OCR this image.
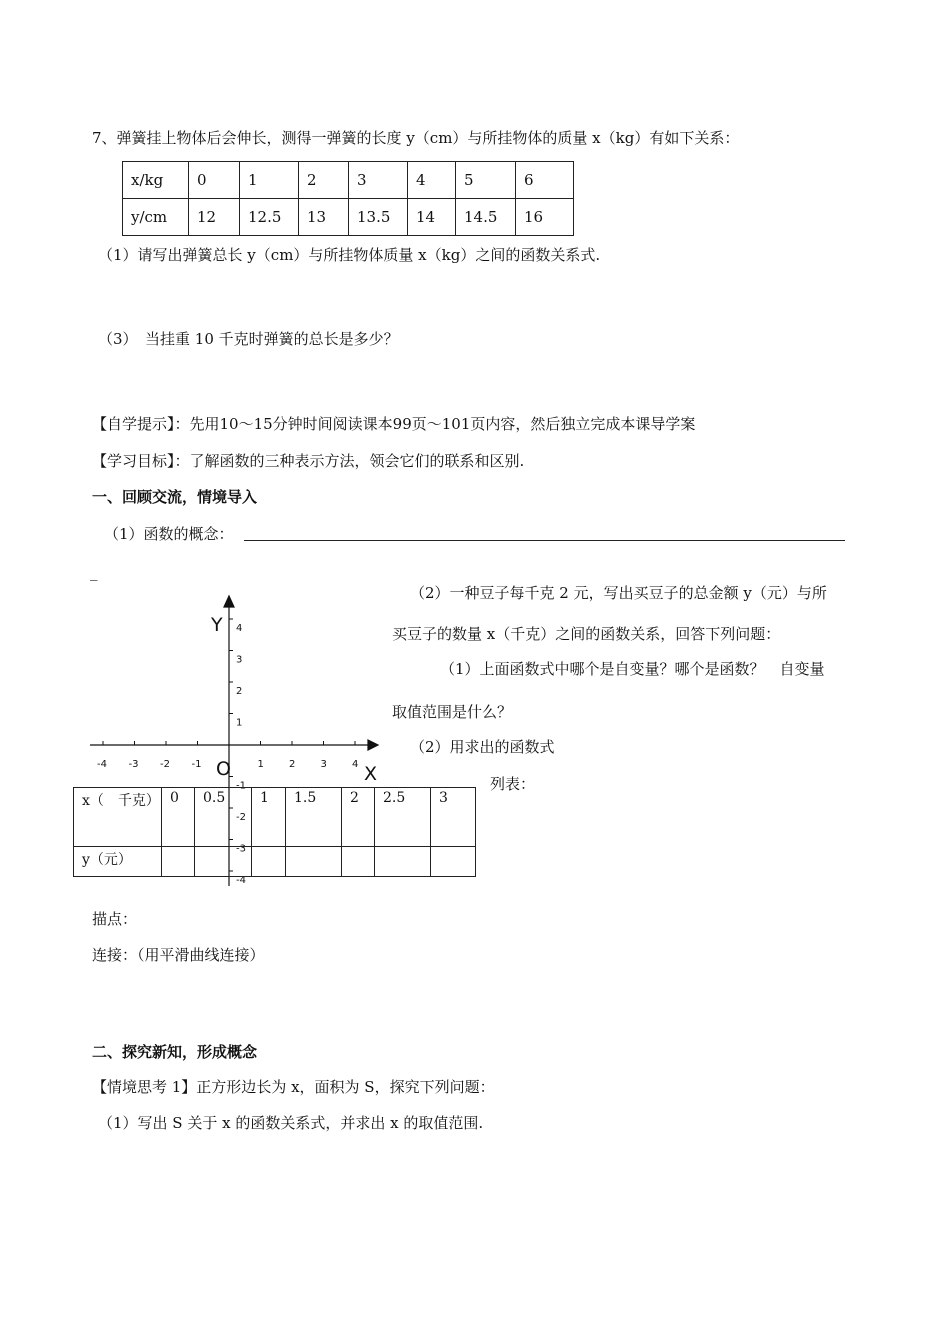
7、弹簧挂上物体后会伸长，测得一弹簧的长度 y（cm）与所挂物体的质量 x（kg）有如下关系：
x/kg	0	1	2	3	4	5	6
y/cm	12	12.5	13	13.5	14	14.5	16
（1）请写出弹簧总长 y（cm）与所挂物体质量 x（kg）之间的函数关系式.
（3）　当挂重 10 千克时弹簧的总长是多少？
【自学提示】：先用10～15分钟时间阅读课本99页～101页内容，然后独立完成本课导学案
【学习目标】：了解函数的三种表示方法，领会它们的联系和区别.
一、回顾交流，情境导入
（1）函数的概念：
_
（2）一种豆子每千克 2 元，写出买豆子的总金额 y（元）与所
买豆子的数量 x（千克）之间的函数关系，回答下列问题：
（1）上面函数式中哪个是自变量？哪个是函数？　自变量
取值范围是什么？
（2）用求出的函数式
列表：
-4 -3 -2 -1	1	2	3	4
4
3
2
1
-1
-2
-3
-4
Y
X
O
x（　千克）	0	0.5	1	1.5	2	2.5	3
y（元）							
描点：
连接：（用平滑曲线连接）
二、探究新知，形成概念
【情境思考 1】正方形边长为 x，面积为 S，探究下列问题：
（1）写出 S 关于 x 的函数关系式，并求出 x 的取值范围.
